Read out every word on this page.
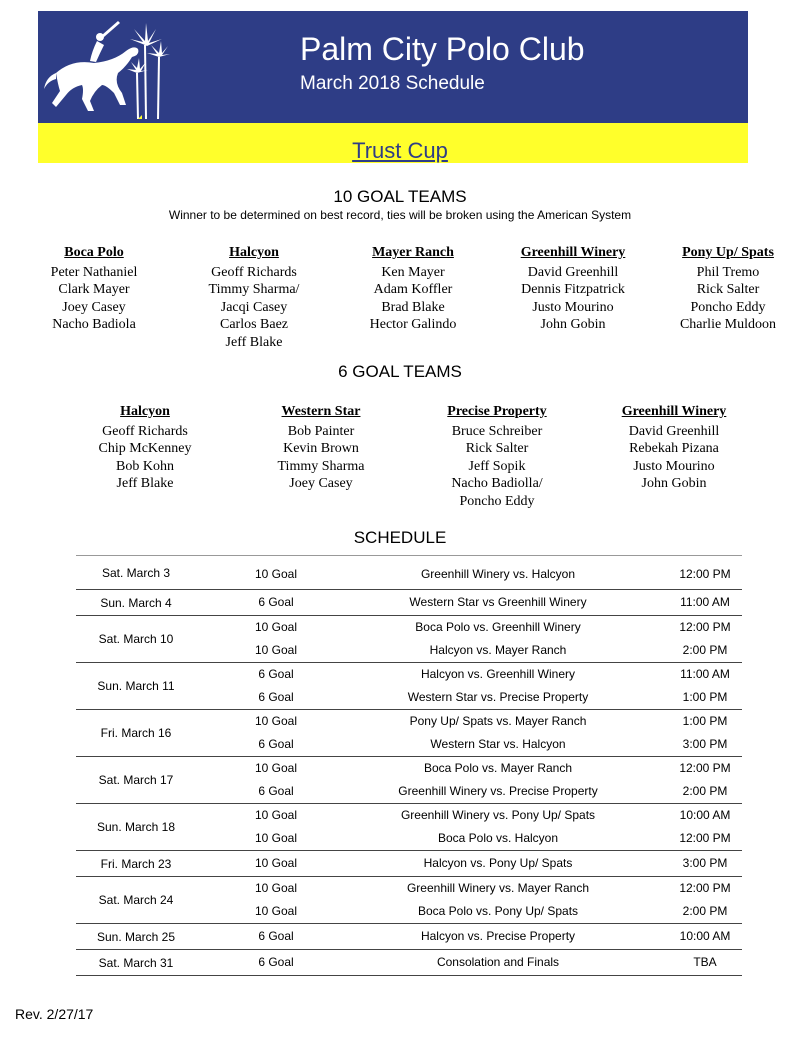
Palm City Polo Club
March 2018 Schedule
Trust Cup
10 GOAL TEAMS
Winner to be determined on best record, ties will be broken using the American System
Boca Polo
Peter Nathaniel
Clark Mayer
Joey Casey
Nacho Badiola
Halcyon
Geoff Richards
Timmy Sharma/
Jacqi Casey
Carlos Baez
Jeff Blake
Mayer Ranch
Ken Mayer
Adam Koffler
Brad Blake
Hector Galindo
Greenhill Winery
David Greenhill
Dennis Fitzpatrick
Justo Mourino
John Gobin
Pony Up/ Spats
Phil Tremo
Rick Salter
Poncho Eddy
Charlie Muldoon
6 GOAL TEAMS
Halcyon
Geoff Richards
Chip McKenney
Bob Kohn
Jeff Blake
Western Star
Bob Painter
Kevin Brown
Timmy Sharma
Joey Casey
Precise Property
Bruce Schreiber
Rick Salter
Jeff Sopik
Nacho Badiolla/
Poncho Eddy
Greenhill Winery
David Greenhill
Rebekah Pizana
Justo Mourino
John Gobin
SCHEDULE
Sat. March 3	10 Goal	Greenhill Winery vs. Halcyon	12:00 PM
Sun. March 4	6 Goal	Western Star vs Greenhill Winery	11:00 AM
Sat. March 10
10 Goal	Boca Polo vs. Greenhill Winery	12:00 PM
10 Goal	Halcyon vs. Mayer Ranch	2:00 PM
Sun. March 11
6 Goal	Halcyon vs. Greenhill Winery	11:00 AM
6 Goal	Western Star vs. Precise Property	1:00 PM
Fri. March 16
10 Goal	Pony Up/ Spats vs. Mayer Ranch	1:00 PM
6 Goal	Western Star vs. Halcyon	3:00 PM
Sat. March 17
10 Goal	Boca Polo vs. Mayer Ranch	12:00 PM
6 Goal	Greenhill Winery vs. Precise Property	2:00 PM
Sun. March 18
10 Goal	Greenhill Winery vs. Pony Up/ Spats	10:00 AM
10 Goal	Boca Polo vs. Halcyon	12:00 PM
Fri. March 23	10 Goal	Halcyon vs. Pony Up/ Spats	3:00 PM
Sat. March 24
10 Goal	Greenhill Winery vs. Mayer Ranch	12:00 PM
10 Goal	Boca Polo vs. Pony Up/ Spats	2:00 PM
Sun. March 25	6 Goal	Halcyon vs. Precise Property	10:00 AM
Sat. March 31	6 Goal	Consolation and Finals	TBA
Rev. 2/27/17
